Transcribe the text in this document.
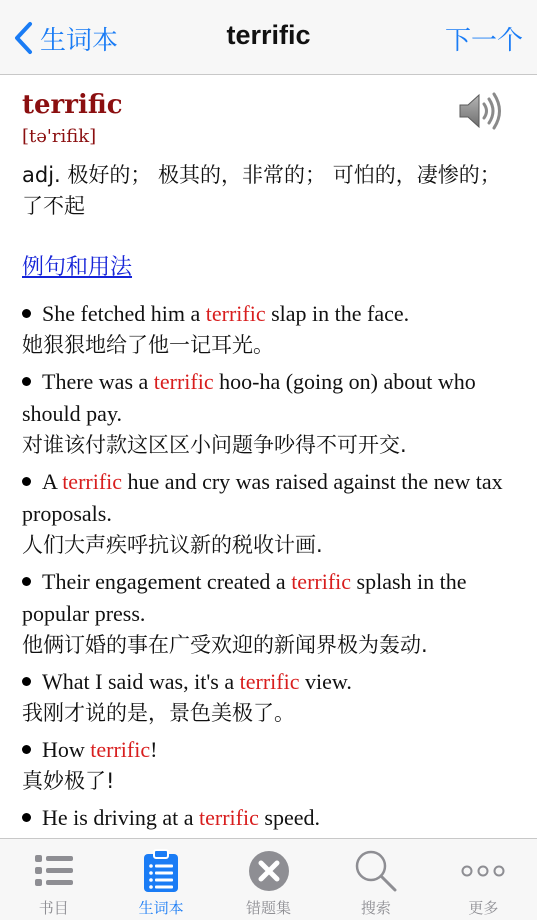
生词本	terrific	下一个
terrific
[tə'rifik]
adj. 极好的； 极其的，非常的； 可怕的，凄惨的； 了不起
例句和用法
She fetched him a terrific slap in the face.
她狠狠地给了他一记耳光。
There was a terrific hoo-ha (going on) about who should pay.
对谁该付款这区区小问题争吵得不可开交.
A terrific hue and cry was raised against the new tax proposals.
人们大声疾呼抗议新的税收计画.
Their engagement created a terrific splash in the popular press.
他俩订婚的事在广受欢迎的新闻界极为轰动.
What I said was, it's a terrific view.
我刚才说的是，景色美极了。
How terrific!
真妙极了!
He is driving at a terrific speed.
书目	生词本	错题集	搜索	更多
